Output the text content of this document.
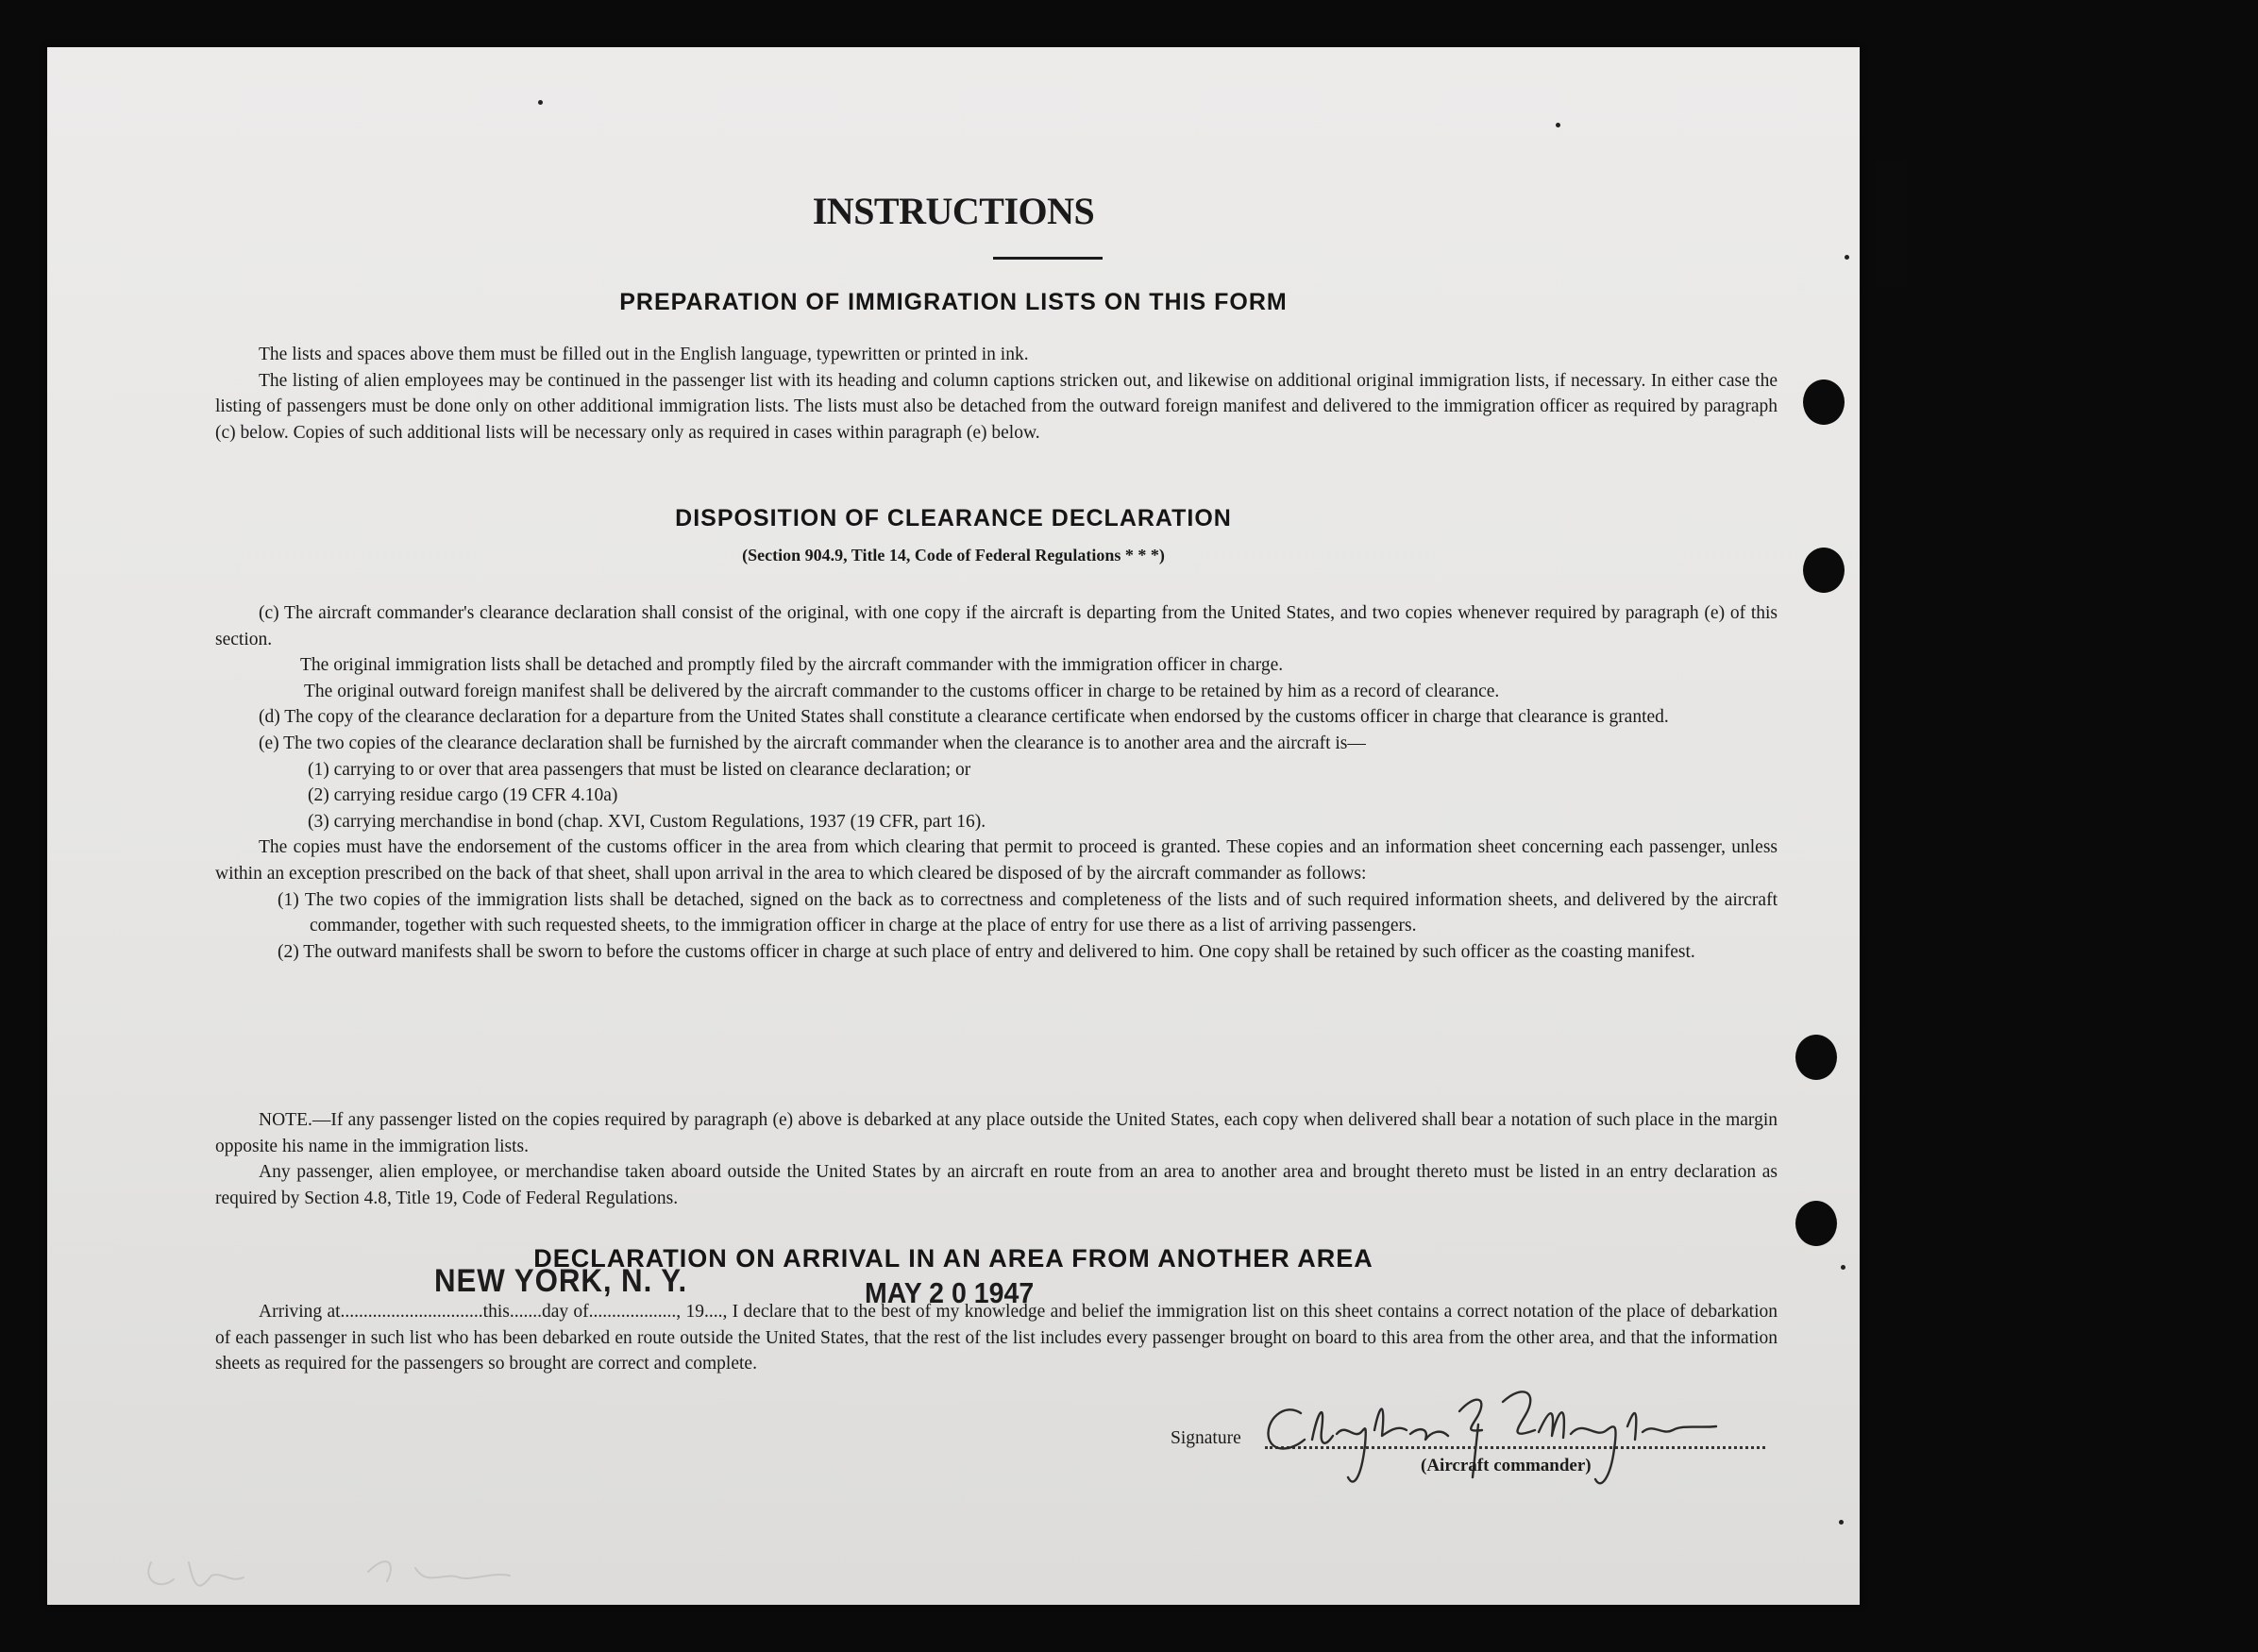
INSTRUCTIONS
PREPARATION OF IMMIGRATION LISTS ON THIS FORM

The lists and spaces above them must be filled out in the English language, typewritten or printed in ink.

The listing of alien employees may be continued in the passenger list with its heading and column captions stricken out, and likewise on additional original immigration lists, if necessary. In either case the listing of passengers must be done only on other additional immigration lists. The lists must also be detached from the outward foreign manifest and delivered to the immigration officer as required by paragraph (c) below. Copies of such additional lists will be necessary only as required in cases within paragraph (e) below.

DISPOSITION OF CLEARANCE DECLARATION
(Section 904.9, Title 14, Code of Federal Regulations * * *)

(c) The aircraft commander's clearance declaration shall consist of the original, with one copy if the aircraft is departing from the United States, and two copies whenever required by paragraph (e) of this section.

The original immigration lists shall be detached and promptly filed by the aircraft commander with the immigration officer in charge.

The original outward foreign manifest shall be delivered by the aircraft commander to the customs officer in charge to be retained by him as a record of clearance.

(d) The copy of the clearance declaration for a departure from the United States shall constitute a clearance certificate when endorsed by the customs officer in charge that clearance is granted.

(e) The two copies of the clearance declaration shall be furnished by the aircraft commander when the clearance is to another area and the aircraft is—

(1) carrying to or over that area passengers that must be listed on clearance declaration; or

(2) carrying residue cargo (19 CFR 4.10a)

(3) carrying merchandise in bond (chap. XVI, Custom Regulations, 1937 (19 CFR, part 16).

The copies must have the endorsement of the customs officer in the area from which clearing that permit to proceed is granted. These copies and an information sheet concerning each passenger, unless within an exception prescribed on the back of that sheet, shall upon arrival in the area to which cleared be disposed of by the aircraft commander as follows:

(1) The two copies of the immigration lists shall be detached, signed on the back as to correctness and completeness of the lists and of such required information sheets, and delivered by the aircraft commander, together with such requested sheets, to the immigration officer in charge at the place of entry for use there as a list of arriving passengers.

(2) The outward manifests shall be sworn to before the customs officer in charge at such place of entry and delivered to him. One copy shall be retained by such officer as the coasting manifest.

NOTE.—If any passenger listed on the copies required by paragraph (e) above is debarked at any place outside the United States, each copy when delivered shall bear a notation of such place in the margin opposite his name in the immigration lists.

Any passenger, alien employee, or merchandise taken aboard outside the United States by an aircraft en route from an area to another area and brought thereto must be listed in an entry declaration as required by Section 4.8, Title 19, Code of Federal Regulations.

DECLARATION ON ARRIVAL IN AN AREA FROM ANOTHER AREA

Arriving at...............................this.......day of..................., 19...., I declare that to the best of my knowledge and belief the immigration list on this sheet contains a correct notation of the place of debarkation of each passenger in such list who has been debarked en route outside the United States, that the rest of the list includes every passenger brought on board to this area from the other area, and that the information sheets as required for the passengers so brought are correct and complete.

NEW YORK, N. Y.	MAY 2 0 1947
Signature
(Aircraft commander)
